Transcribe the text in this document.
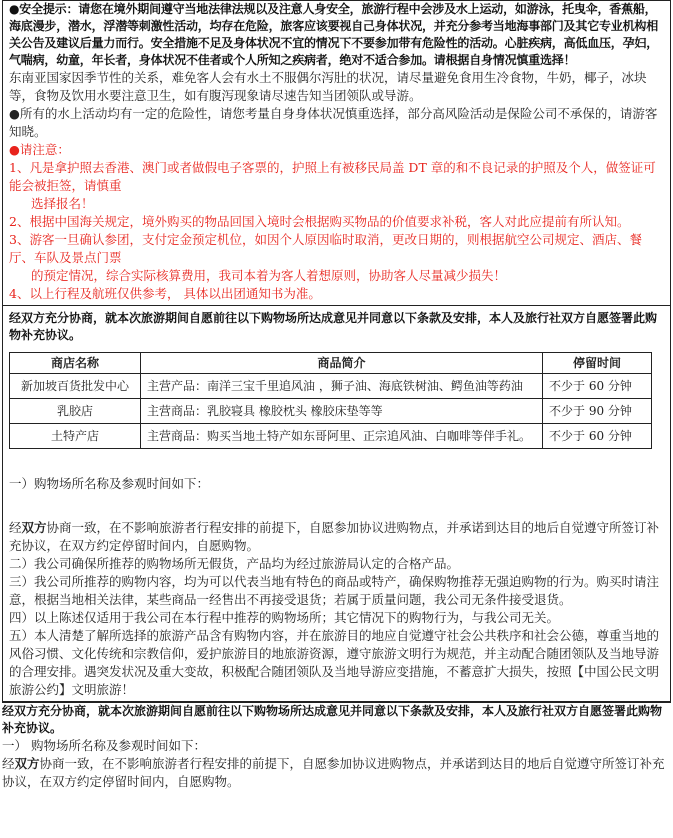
●安全提示：请您在境外期间遵守当地法律法规以及注意人身安全，旅游行程中会涉及水上运动，如游泳，托曳伞，香蕉船，海底漫步，潜水，浮潜等刺激性活动，均存在危险，旅客应该要视自己身体状况，并充分参考当地海事部门及其它专业机构相关公告及建议后量力而行。安全措施不足及身体状况不宜的情况下不要参加带有危险性的活动。心脏疾病，高低血压，孕妇，气喘病，幼童，年长者，身体状况不佳者或个人所知之疾病者，绝对不适合参加。请根据自身情况慎重选择！

东南亚国家因季节性的关系，难免客人会有水土不服偶尔泻肚的状况，请尽量避免食用生冷食物，牛奶，椰子，冰块等，食物及饮用水要注意卫生，如有腹泻现象请尽速告知当团领队或导游。

●所有的水上活动均有一定的危险性，请您考量自身身体状况慎重选择，部分高风险活动是保险公司不承保的，请游客知晓。

●请注意：

1、凡是拿护照去香港、澳门或者做假电子客票的，护照上有被移民局盖 DT 章的和不良记录的护照及个人，做签证可能会被拒签，请慎重

选择报名！

2、根据中国海关规定，境外购买的物品回国入境时会根据购买物品的价值要求补税，客人对此应提前有所认知。

3、游客一旦确认参团，支付定金预定机位，如因个人原因临时取消，更改日期的，则根据航空公司规定、酒店、餐厅、车队及景点门票

的预定情况，综合实际核算费用，我司本着为客人着想原则，协助客人尽量减少损失！

4、以上行程及航班仅供参考， 具体以出团通知书为准。

经双方充分协商，就本次旅游期间自愿前往以下购物场所达成意见并同意以下条款及安排，本人及旅行社双方自愿签署此购物补充协议。

商店名称	商品简介	停留时间
新加坡百货批发中心	主营产品：南洋三宝千里追风油 ，狮子油、海底铁树油、鳄鱼油等药油	不少于 60 分钟
乳胶店	主营商品：乳胶寝具 橡胶枕头 橡胶床垫等等	不少于 90 分钟
土特产店	主营商品：购买当地土特产如东哥阿里、正宗追风油、白咖啡等伴手礼。	不少于 60 分钟

一）购物场所名称及参观时间如下：

经双方协商一致，在不影响旅游者行程安排的前提下，自愿参加协议进购物点，并承诺到达目的地后自觉遵守所签订补充协议，在双方约定停留时间内，自愿购物。

二）我公司确保所推荐的购物场所无假货，产品均为经过旅游局认定的合格产品。

三）我公司所推荐的购物内容，均为可以代表当地有特色的商品或特产，确保购物推荐无强迫购物的行为。购买时请注意，根据当地相关法律，某些商品一经售出不再接受退货；若属于质量问题，我公司无条件接受退货。

四）以上陈述仅适用于我公司在本行程中推荐的购物场所；其它情况下的购物行为，与我公司无关。

五）本人清楚了解所选择的旅游产品含有购物内容，并在旅游目的地应自觉遵守社会公共秩序和社会公德，尊重当地的风俗习惯、文化传统和宗教信仰，爱护旅游目的地旅游资源，遵守旅游文明行为规范，并主动配合随团领队及当地导游的合理安排。遇突发状况及重大变故，积极配合随团领队及当地导游应变措施，不蓄意扩大损失，按照【中国公民文明旅游公约】文明旅游！

经双方充分协商，就本次旅游期间自愿前往以下购物场所达成意见并同意以下条款及安排，本人及旅行社双方自愿签署此购物补充协议。

一） 购物场所名称及参观时间如下：

经双方协商一致，在不影响旅游者行程安排的前提下，自愿参加协议进购物点，并承诺到达目的地后自觉遵守所签订补充协议，在双方约定停留时间内，自愿购物。
